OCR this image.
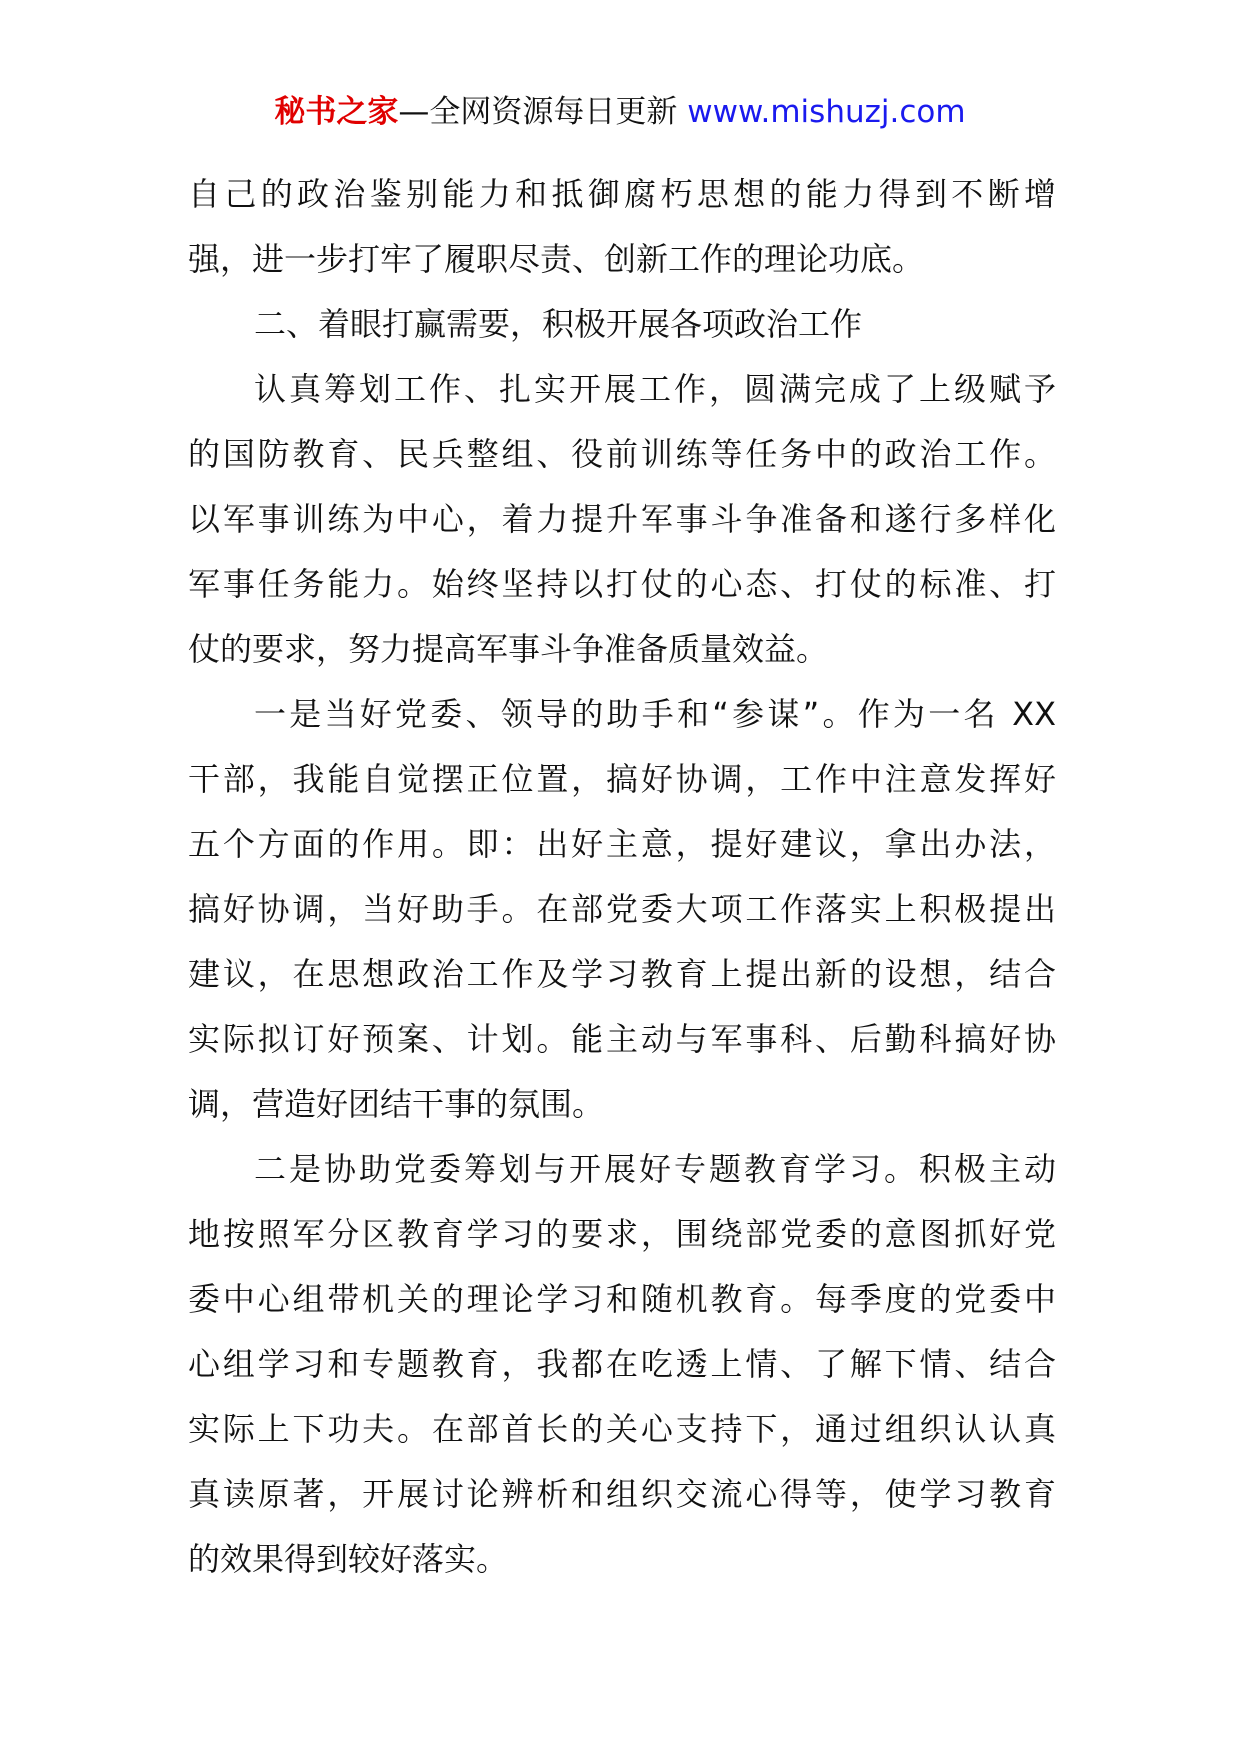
秘书之家—全网资源每日更新 www.mishuzj.com
自己的政治鉴别能力和抵御腐朽思想的能力得到不断增
强，进一步打牢了履职尽责、创新工作的理论功底。
二、着眼打赢需要，积极开展各项政治工作
认真筹划工作、扎实开展工作，圆满完成了上级赋予
的国防教育、民兵整组、役前训练等任务中的政治工作。
以军事训练为中心，着力提升军事斗争准备和遂行多样化
军事任务能力。始终坚持以打仗的心态、打仗的标准、打
仗的要求，努力提高军事斗争准备质量效益。
一是当好党委、领导的助手和“参谋”。作为一名 XX
干部，我能自觉摆正位置，搞好协调，工作中注意发挥好
五个方面的作用。即：出好主意，提好建议，拿出办法，
搞好协调，当好助手。在部党委大项工作落实上积极提出
建议，在思想政治工作及学习教育上提出新的设想，结合
实际拟订好预案、计划。能主动与军事科、后勤科搞好协
调，营造好团结干事的氛围。
二是协助党委筹划与开展好专题教育学习。积极主动
地按照军分区教育学习的要求，围绕部党委的意图抓好党
委中心组带机关的理论学习和随机教育。每季度的党委中
心组学习和专题教育，我都在吃透上情、了解下情、结合
实际上下功夫。在部首长的关心支持下，通过组织认认真
真读原著，开展讨论辨析和组织交流心得等，使学习教育
的效果得到较好落实。
